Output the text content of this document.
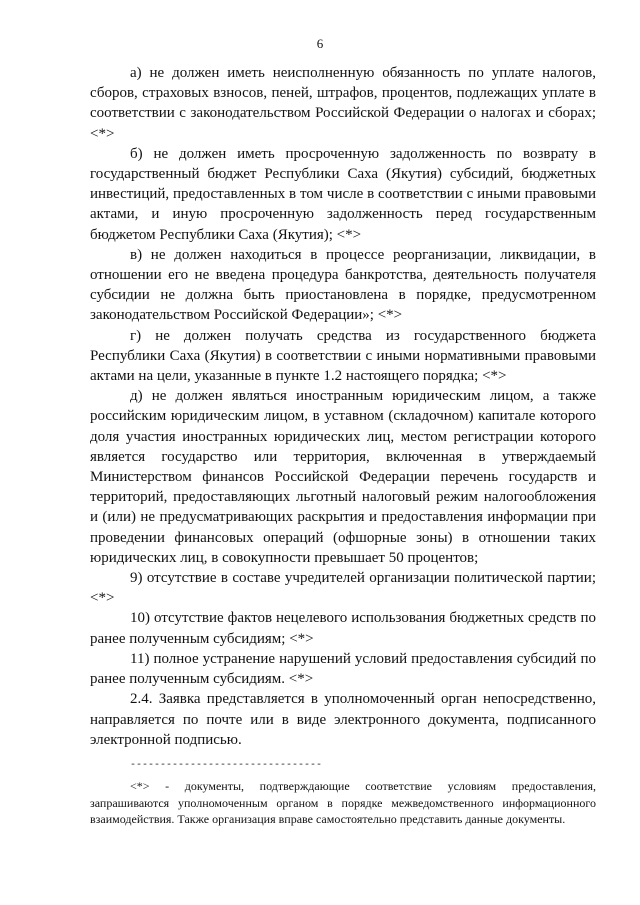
6

а) не должен иметь неисполненную обязанность по уплате налогов, сборов, страховых взносов, пеней, штрафов, процентов, подлежащих уплате в соответствии с законодательством Российской Федерации о налогах и сборах; <*>

б) не должен иметь просроченную задолженность по возврату в государственный бюджет Республики Саха (Якутия) субсидий, бюджетных инвестиций, предоставленных в том числе в соответствии с иными правовыми актами, и иную просроченную задолженность перед государственным бюджетом Республики Саха (Якутия); <*>

в) не должен находиться в процессе реорганизации, ликвидации, в отношении его не введена процедура банкротства, деятельность получателя субсидии не должна быть приостановлена в порядке, предусмотренном законодательством Российской Федерации»; <*>

г) не должен получать средства из государственного бюджета Республики Саха (Якутия) в соответствии с иными нормативными правовыми актами на цели, указанные в пункте 1.2 настоящего порядка; <*>

д) не должен являться иностранным юридическим лицом, а также российским юридическим лицом, в уставном (складочном) капитале которого доля участия иностранных юридических лиц, местом регистрации которого является государство или территория, включенная в утверждаемый Министерством финансов Российской Федерации перечень государств и территорий, предоставляющих льготный налоговый режим налогообложения и (или) не предусматривающих раскрытия и предоставления информации при проведении финансовых операций (офшорные зоны) в отношении таких юридических лиц, в совокупности превышает 50 процентов;

9) отсутствие в составе учредителей организации политической партии; <*>

10) отсутствие фактов нецелевого использования бюджетных средств по ранее полученным субсидиям; <*>

11) полное устранение нарушений условий предоставления субсидий по ранее полученным субсидиям. <*>

2.4. Заявка представляется в уполномоченный орган непосредственно, направляется по почте или в виде электронного документа, подписанного электронной подписью.

--------------------------------

<*> - документы, подтверждающие соответствие условиям предоставления, запрашиваются уполномоченным органом в порядке межведомственного информационного взаимодействия. Также организация вправе самостоятельно представить данные документы.
